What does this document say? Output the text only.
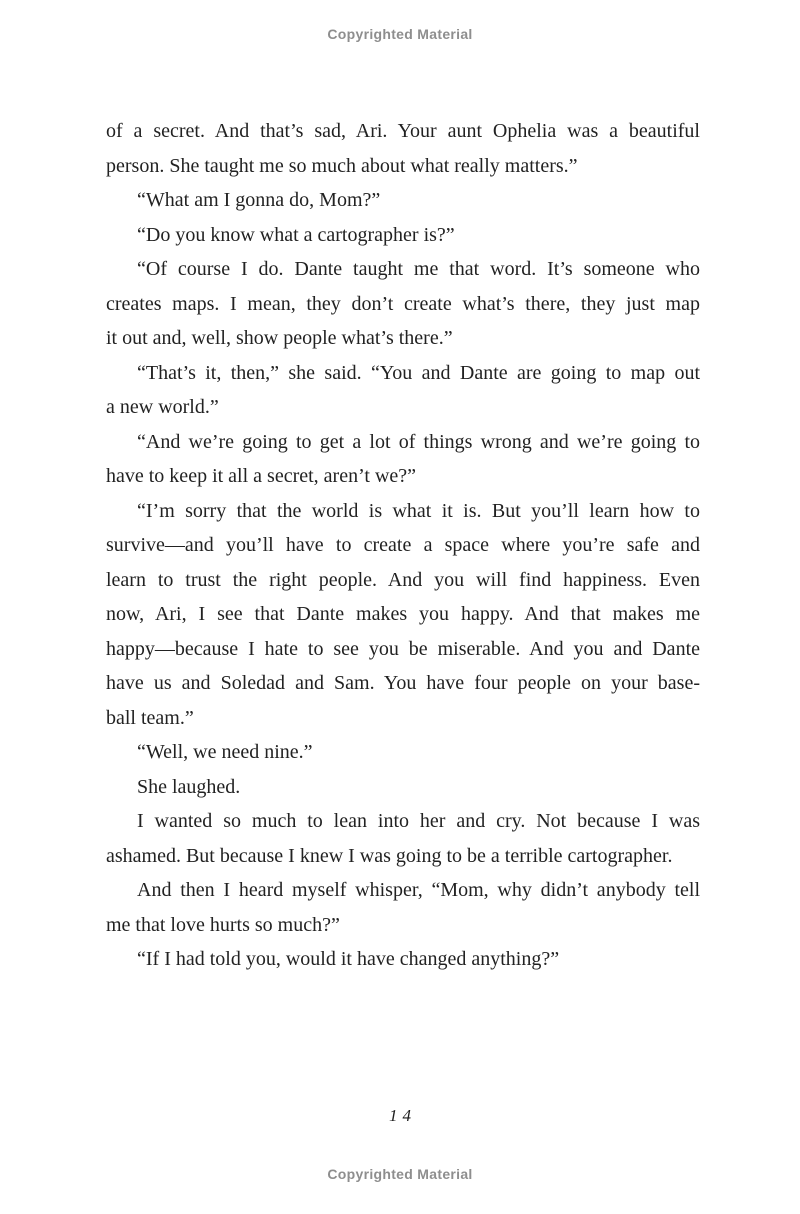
Copyrighted Material
of a secret. And that’s sad, Ari. Your aunt Ophelia was a beautiful
person. She taught me so much about what really matters.”
“What am I gonna do, Mom?”
“Do you know what a cartographer is?”
“Of course I do. Dante taught me that word. It’s someone who
creates maps. I mean, they don’t create what’s there, they just map
it out and, well, show people what’s there.”
“That’s it, then,” she said. “You and Dante are going to map out
a new world.”
“And we’re going to get a lot of things wrong and we’re going to
have to keep it all a secret, aren’t we?”
“I’m sorry that the world is what it is. But you’ll learn how to
survive—and you’ll have to create a space where you’re safe and
learn to trust the right people. And you will find happiness. Even
now, Ari, I see that Dante makes you happy. And that makes me
happy—because I hate to see you be miserable. And you and Dante
have us and Soledad and Sam. You have four people on your base-
ball team.”
“Well, we need nine.”
She laughed.
I wanted so much to lean into her and cry. Not because I was
ashamed. But because I knew I was going to be a terrible cartographer.
And then I heard myself whisper, “Mom, why didn’t anybody tell
me that love hurts so much?”
“If I had told you, would it have changed anything?”
14
Copyrighted Material
